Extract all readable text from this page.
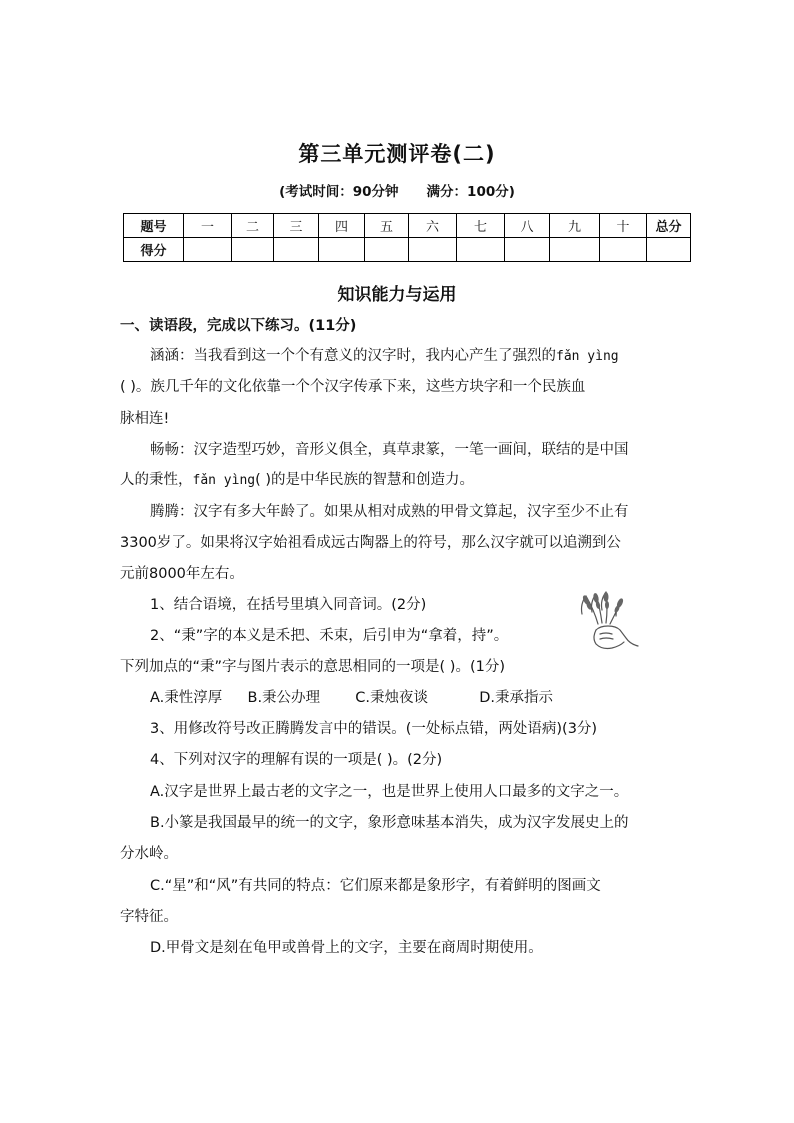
第三单元测评卷(二)
(考试时间：90分钟 满分：100分)
题号	一	二	三	四	五	六	七	八	九	十	总分
得分											
知识能力与运用
一、读语段，完成以下练习。(11分)
涵涵：当我看到这一个个有意义的汉字时，我内心产生了强烈的fǎn yìng
( )。族几千年的文化依靠一个个汉字传承下来，这些方块字和一个民族血
脉相连!
畅畅：汉字造型巧妙，音形义俱全，真草隶篆，一笔一画间，联结的是中国
人的秉性，fǎn yìng( )的是中华民族的智慧和创造力。
腾腾：汉字有多大年龄了。如果从相对成熟的甲骨文算起，汉字至少不止有
3300岁了。如果将汉字始祖看成远古陶器上的符号，那么汉字就可以追溯到公
元前8000年左右。
1、结合语境，在括号里填入同音词。(2分)
2、“秉”字的本义是禾把、禾束，后引申为“拿着，持”。
下列加点的“秉”字与图片表示的意思相同的一项是( )。(1分)
A.秉性淳厚 B.秉公办理 C.秉烛夜谈	D.秉承指示
3、用修改符号改正腾腾发言中的错误。(一处标点错，两处语病)(3分)
4、下列对汉字的理解有误的一项是( )。(2分)
A.汉字是世界上最古老的文字之一，也是世界上使用人口最多的文字之一。
B.小篆是我国最早的统一的文字，象形意味基本消失，成为汉字发展史上的
分水岭。
C.“星”和“风”有共同的特点：它们原来都是象形字，有着鲜明的图画文
字特征。
D.甲骨文是刻在龟甲或兽骨上的文字，主要在商周时期使用。
